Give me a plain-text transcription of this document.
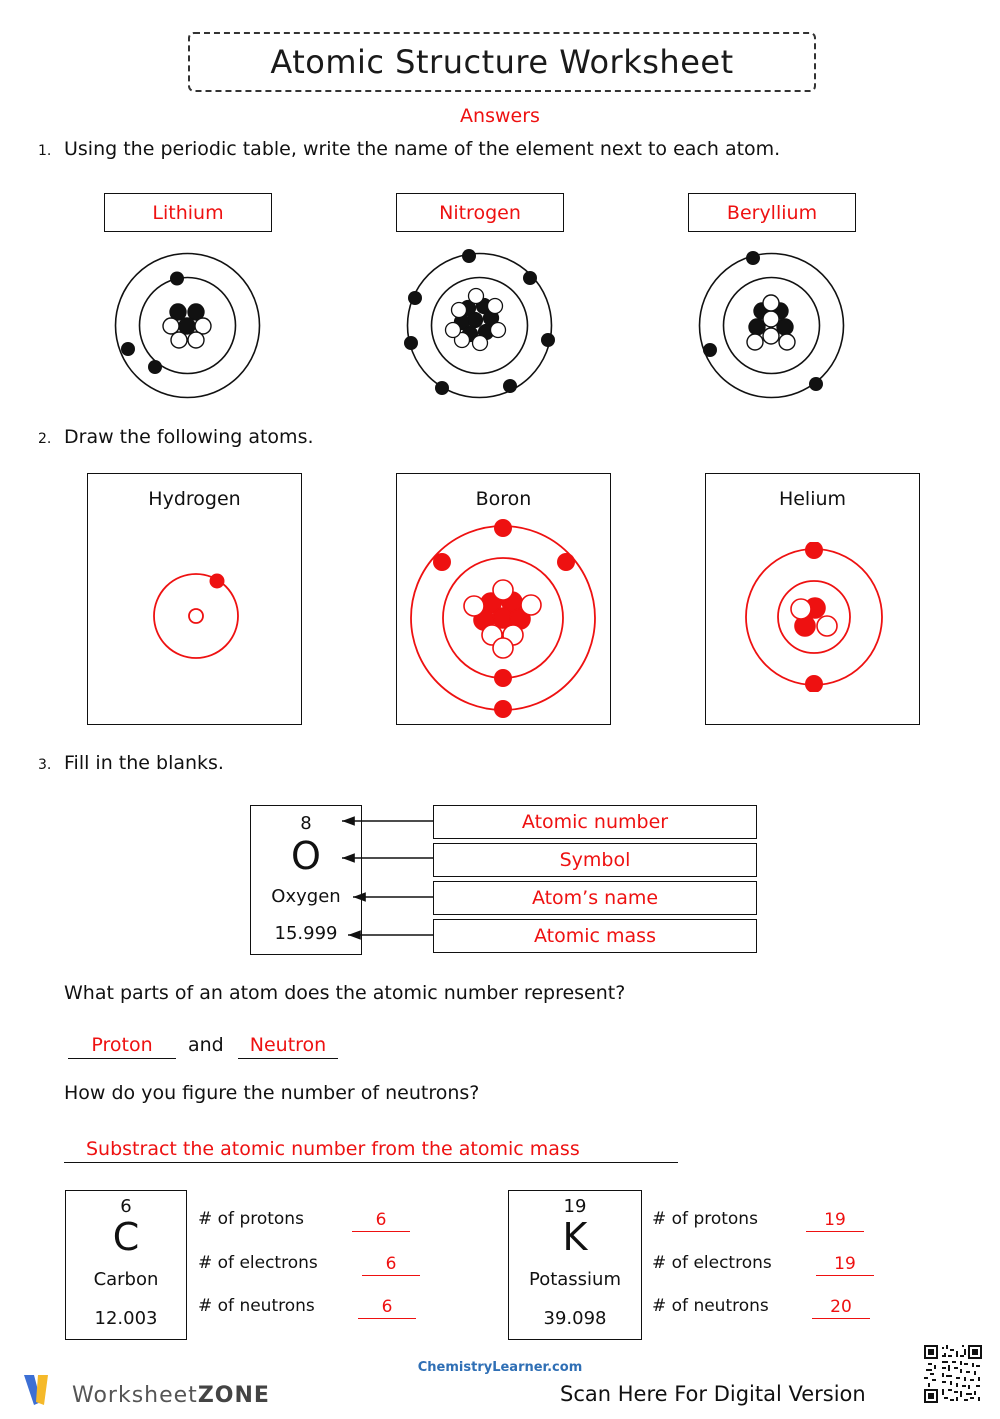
Atomic Structure Worksheet
Answers
1. Using the periodic table, write the name of the element next to each atom.
Lithium	Nitrogen	Beryllium
2. Draw the following atoms.
Hydrogen	Boron	Helium
3. Fill in the blanks.
8
O
Oxygen
15.999
Atomic number
Symbol
Atom’s name
Atomic mass
What parts of an atom does the atomic number represent?
Proton	and	Neutron
How do you figure the number of neutrons?
Substract the atomic number from the atomic mass
6
C
Carbon
12.003
# of protons	6
# of electrons	6
# of neutrons	6
19
K
Potassium
39.098
# of protons	19
# of electrons	19
# of neutrons	20
ChemistryLearner.com
Scan Here For Digital Version
WorksheetZONE
